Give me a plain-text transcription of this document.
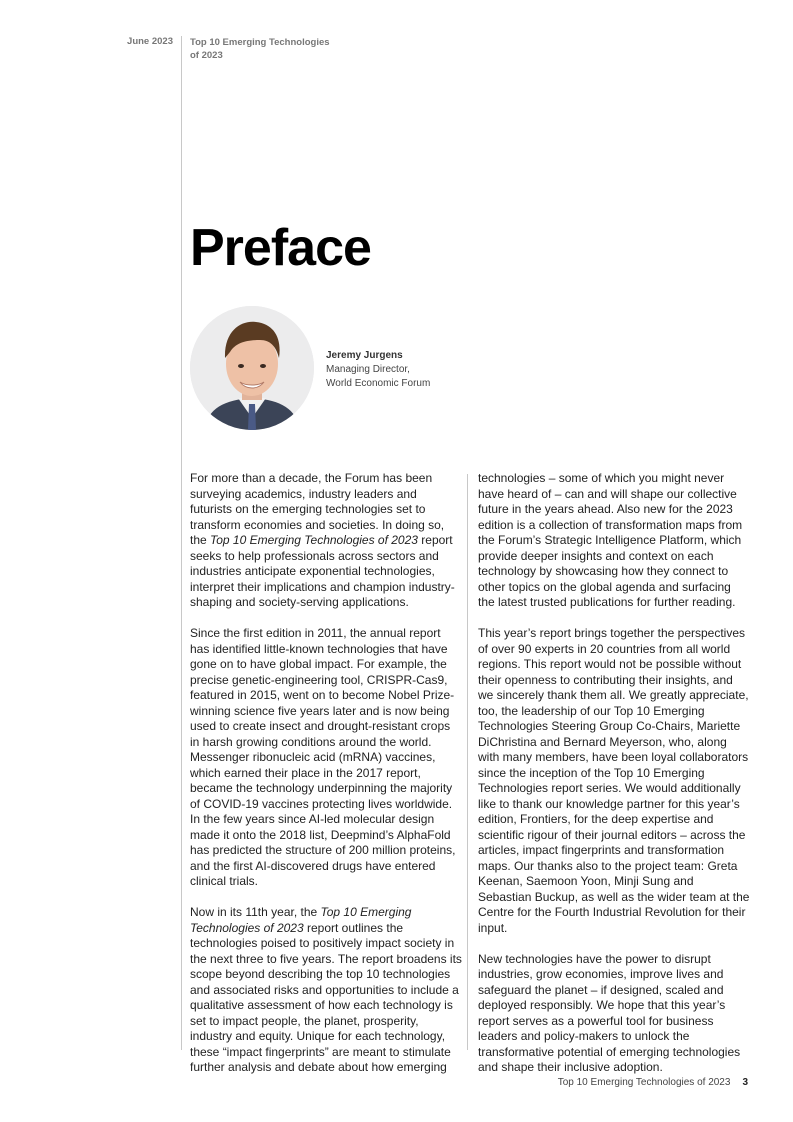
June 2023 Top 10 Emerging Technologies of 2023
Preface
Jeremy Jurgens
Managing Director,
World Economic Forum

For more than a decade, the Forum has been surveying academics, industry leaders and futurists on the emerging technologies set to transform economies and societies. In doing so, the Top 10 Emerging Technologies of 2023 report seeks to help professionals across sectors and industries anticipate exponential technologies, interpret their implications and champion industry-shaping and society-serving applications.

Since the first edition in 2011, the annual report has identified little-known technologies that have gone on to have global impact. For example, the precise genetic-engineering tool, CRISPR-Cas9, featured in 2015, went on to become Nobel Prize-winning science five years later and is now being used to create insect and drought-resistant crops in harsh growing conditions around the world. Messenger ribonucleic acid (mRNA) vaccines, which earned their place in the 2017 report, became the technology underpinning the majority of COVID-19 vaccines protecting lives worldwide. In the few years since AI-led molecular design made it onto the 2018 list, Deepmind’s AlphaFold has predicted the structure of 200 million proteins, and the first AI-discovered drugs have entered clinical trials.

Now in its 11th year, the Top 10 Emerging Technologies of 2023 report outlines the technologies poised to positively impact society in the next three to five years. The report broadens its scope beyond describing the top 10 technologies and associated risks and opportunities to include a qualitative assessment of how each technology is set to impact people, the planet, prosperity, industry and equity. Unique for each technology, these “impact fingerprints” are meant to stimulate further analysis and debate about how emerging

technologies – some of which you might never have heard of – can and will shape our collective future in the years ahead. Also new for the 2023 edition is a collection of transformation maps from the Forum’s Strategic Intelligence Platform, which provide deeper insights and context on each technology by showcasing how they connect to other topics on the global agenda and surfacing the latest trusted publications for further reading.

This year’s report brings together the perspectives of over 90 experts in 20 countries from all world regions. This report would not be possible without their openness to contributing their insights, and we sincerely thank them all. We greatly appreciate, too, the leadership of our Top 10 Emerging Technologies Steering Group Co-Chairs, Mariette DiChristina and Bernard Meyerson, who, along with many members, have been loyal collaborators since the inception of the Top 10 Emerging Technologies report series. We would additionally like to thank our knowledge partner for this year’s edition, Frontiers, for the deep expertise and scientific rigour of their journal editors – across the articles, impact fingerprints and transformation maps. Our thanks also to the project team: Greta Keenan, Saemoon Yoon, Minji Sung and Sebastian Buckup, as well as the wider team at the Centre for the Fourth Industrial Revolution for their input.

New technologies have the power to disrupt industries, grow economies, improve lives and safeguard the planet – if designed, scaled and deployed responsibly. We hope that this year’s report serves as a powerful tool for business leaders and policy-makers to unlock the transformative potential of emerging technologies and shape their inclusive adoption.

Top 10 Emerging Technologies of 2023 3
